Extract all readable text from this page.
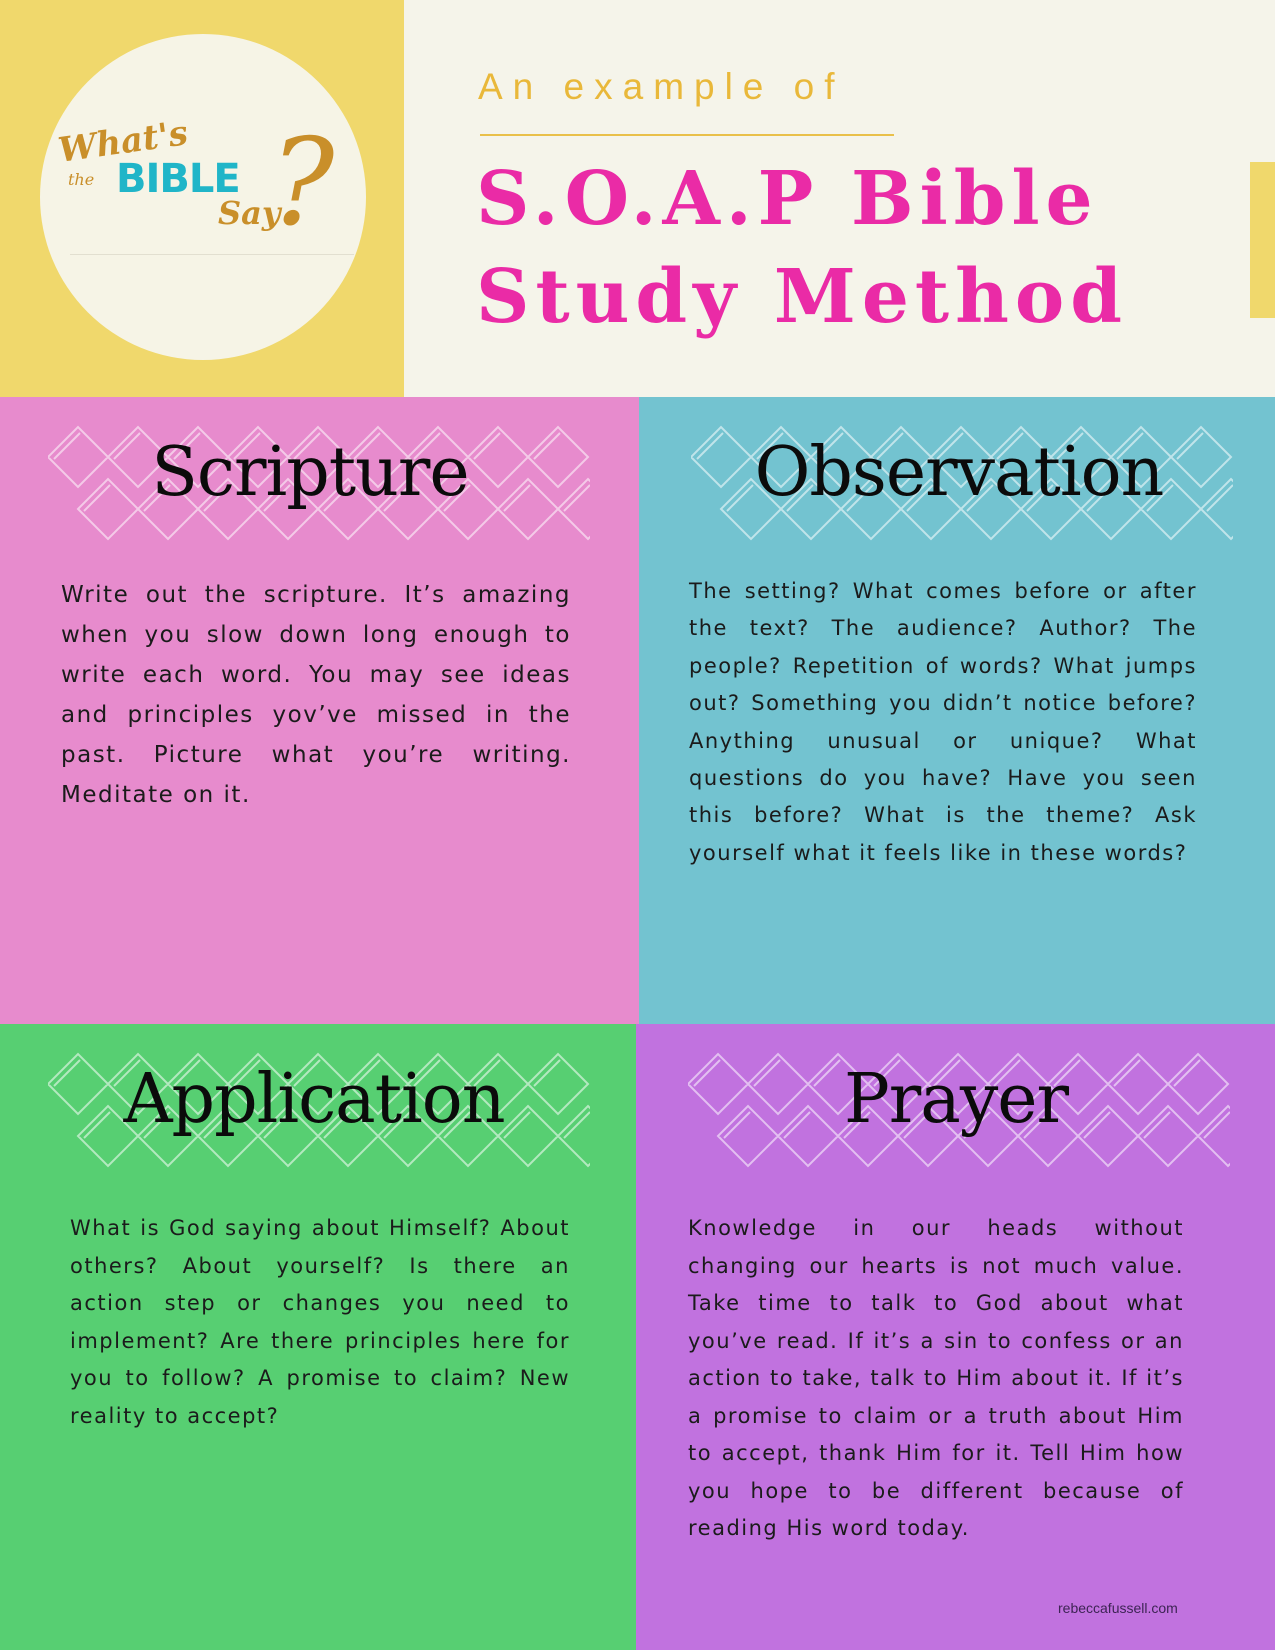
?
What's
the BIBLE
Say
An example of
S.O.A.P Bible Study Method
Scripture

Write out the scripture. It’s amazing when you slow down long enough to write each word. You may see ideas and principles yov’ve missed in the past. Picture what you’re writing. Meditate on it.

Observation

The setting? What comes before or after the text? The audience? Author? The people? Repetition of words? What jumps out? Something you didn’t notice before? Anything unusual or unique? What questions do you have? Have you seen this before? What is the theme? Ask yourself what it feels like in these words?

Application

What is God saying about Himself? About others? About yourself? Is there an action step or changes you need to implement? Are there principles here for you to follow? A promise to claim? New reality to accept?

Prayer

Knowledge in our heads without changing our hearts is not much value. Take time to talk to God about what you’ve read. If it’s a sin to confess or an action to take, talk to Him about it. If it’s a promise to claim or a truth about Him to accept, thank Him for it. Tell Him how you hope to be different because of reading His word today.

rebeccafussell.com
